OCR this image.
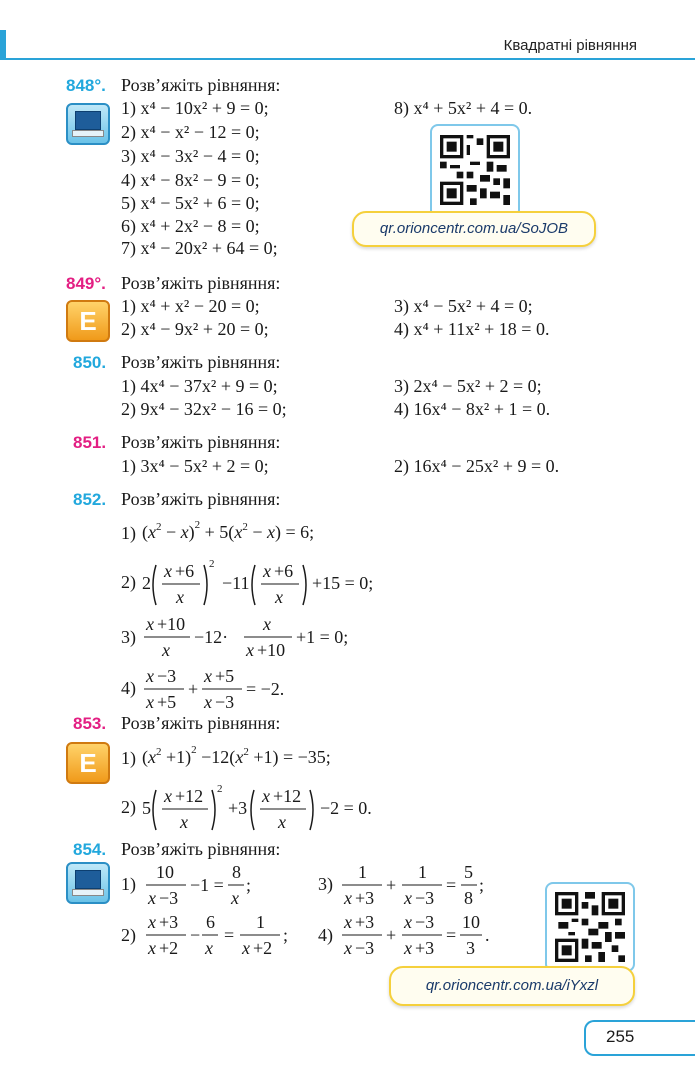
Квадратні рівняння
848°. Розв’яжіть рівняння:
1) x⁴ − 10x² + 9 = 0;
2) x⁴ − x² − 12 = 0;
3) x⁴ − 3x² − 4 = 0;
4) x⁴ − 8x² − 9 = 0;
5) x⁴ − 5x² + 6 = 0;
6) x⁴ + 2x² − 8 = 0;
7) x⁴ − 20x² + 64 = 0;
8) x⁴ + 5x² + 4 = 0.
qr.orioncentr.com.ua/SoJOB
849°. Розв’яжіть рівняння:
E	1) x⁴ + x² − 20 = 0;
2) x⁴ − 9x² + 20 = 0;
3) x⁴ − 5x² + 4 = 0;
4) x⁴ + 11x² + 18 = 0.
850. Розв’яжіть рівняння:
1) 4x⁴ − 37x² + 9 = 0;
2) 9x⁴ − 32x² − 16 = 0;
3) 2x⁴ − 5x² + 2 = 0;
4) 16x⁴ − 8x² + 1 = 0.
851. Розв’яжіть рівняння:
1) 3x⁴ − 5x² + 2 = 0;	2) 16x⁴ − 25x² + 9 = 0.
852. Розв’яжіть рівняння:
1) $(x^2 - x)^2 + 5(x^2 - x) = 6$;
2) 2
x +6
x
2
−11
x +6
x
+15 = 0;
3)
x +10
x
−12·
x
x +10
+1 = 0;
4)
x −3
x +5
+
x +5
x −3
= −2.
853. Розв’яжіть рівняння:
E	1) $(x^2 +1)^2 -12(x^2 +1) = -35$;
2) 5
x +12
x
2
+3
x +12
x
−2 = 0.
854. Розв’яжіть рівняння:
1)
10
x −3
−1 =
8
x
;
2)
x +3
x +2
−
6
x
=
1
x +2
;
3)
1
x +3
+
1
x −3
=
5
8
;
4)
x +3
x −3
+
x −3
x +3
=
10
3
.
qr.orioncentr.com.ua/iYxzl
255
